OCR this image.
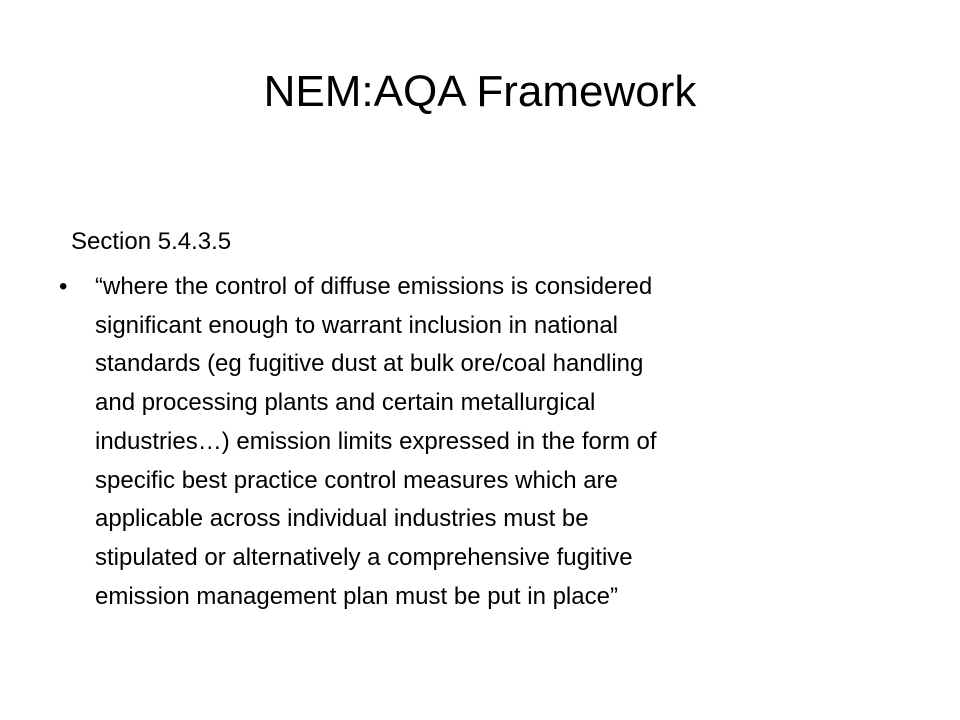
NEM:AQA Framework

Section 5.4.3.5

•	“where the control of diffuse emissions is considered
significant enough to warrant inclusion in national
standards (eg fugitive dust at bulk ore/coal handling
and processing plants and certain metallurgical
industries…) emission limits expressed in the form of
specific best practice control measures which are
applicable across individual industries must be
stipulated or alternatively a comprehensive fugitive
emission management plan must be put in place”
